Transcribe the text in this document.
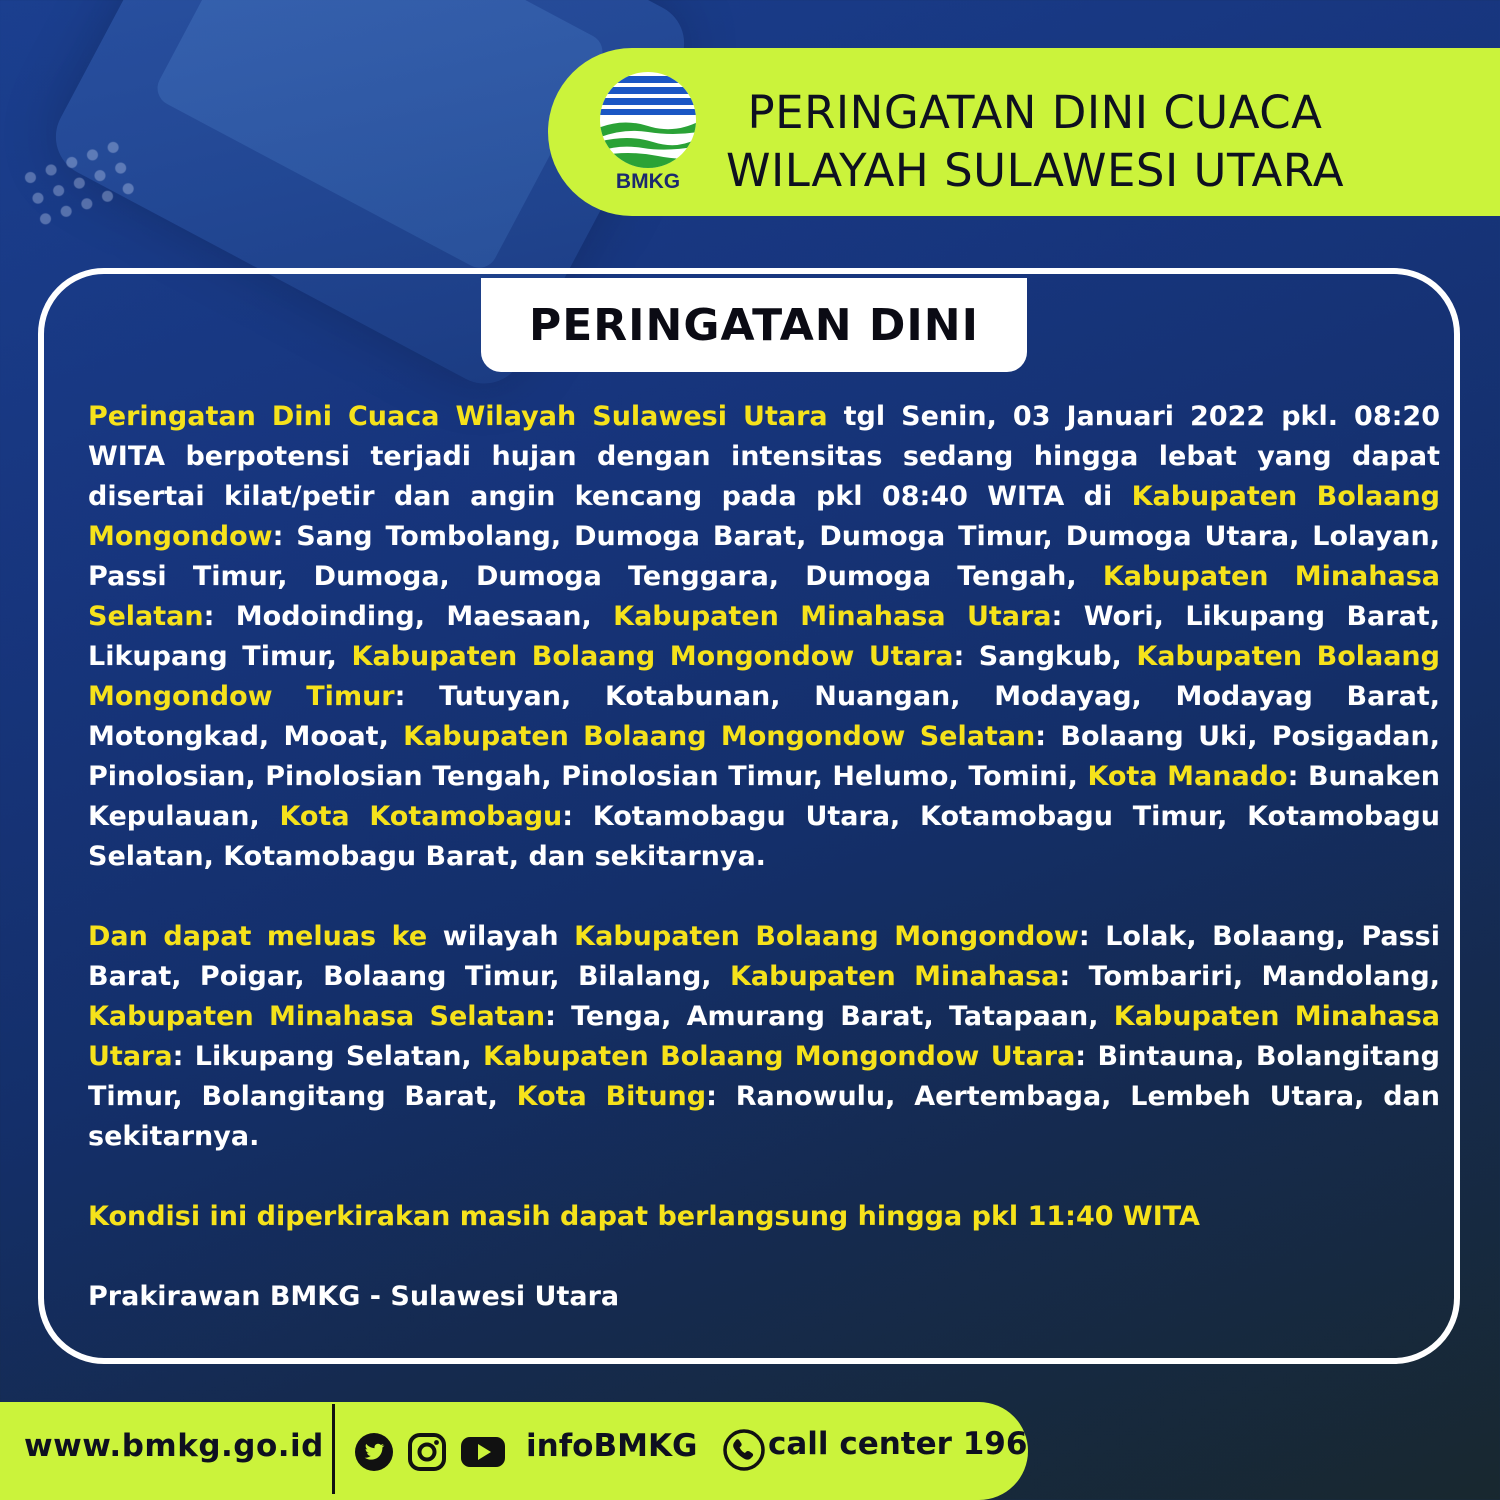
BMKG
PERINGATAN DINI CUACA
WILAYAH SULAWESI UTARA
PERINGATAN DINI

Peringatan Dini Cuaca Wilayah Sulawesi Utara tgl Senin, 03 Januari 2022 pkl. 08:20 WITA berpotensi terjadi hujan dengan intensitas sedang hingga lebat yang dapat disertai kilat/petir dan angin kencang pada pkl 08:40 WITA di Kabupaten Bolaang Mongondow: Sang Tombolang, Dumoga Barat, Dumoga Timur, Dumoga Utara, Lolayan, Passi Timur, Dumoga, Dumoga Tenggara, Dumoga Tengah, Kabupaten Minahasa Selatan: Modoinding, Maesaan, Kabupaten Minahasa Utara: Wori, Likupang Barat, Likupang Timur, Kabupaten Bolaang Mongondow Utara: Sangkub, Kabupaten Bolaang Mongondow Timur: Tutuyan, Kotabunan, Nuangan, Modayag, Modayag Barat, Motongkad, Mooat, Kabupaten Bolaang Mongondow Selatan: Bolaang Uki, Posigadan, Pinolosian, Pinolosian Tengah, Pinolosian Timur, Helumo, Tomini, Kota Manado: Bunaken Kepulauan, Kota Kotamobagu: Kotamobagu Utara, Kotamobagu Timur, Kotamobagu Selatan, Kotamobagu Barat, dan sekitarnya.

Dan dapat meluas ke wilayah Kabupaten Bolaang Mongondow: Lolak, Bolaang, Passi Barat, Poigar, Bolaang Timur, Bilalang, Kabupaten Minahasa: Tombariri, Mandolang, Kabupaten Minahasa Selatan: Tenga, Amurang Barat, Tatapaan, Kabupaten Minahasa Utara: Likupang Selatan, Kabupaten Bolaang Mongondow Utara: Bintauna, Bolangitang Timur, Bolangitang Barat, Kota Bitung: Ranowulu, Aertembaga, Lembeh Utara, dan sekitarnya.

Kondisi ini diperkirakan masih dapat berlangsung hingga pkl 11:40 WITA

Prakirawan BMKG - Sulawesi Utara

www.bmkg.go.id	infoBMKG call center 196
